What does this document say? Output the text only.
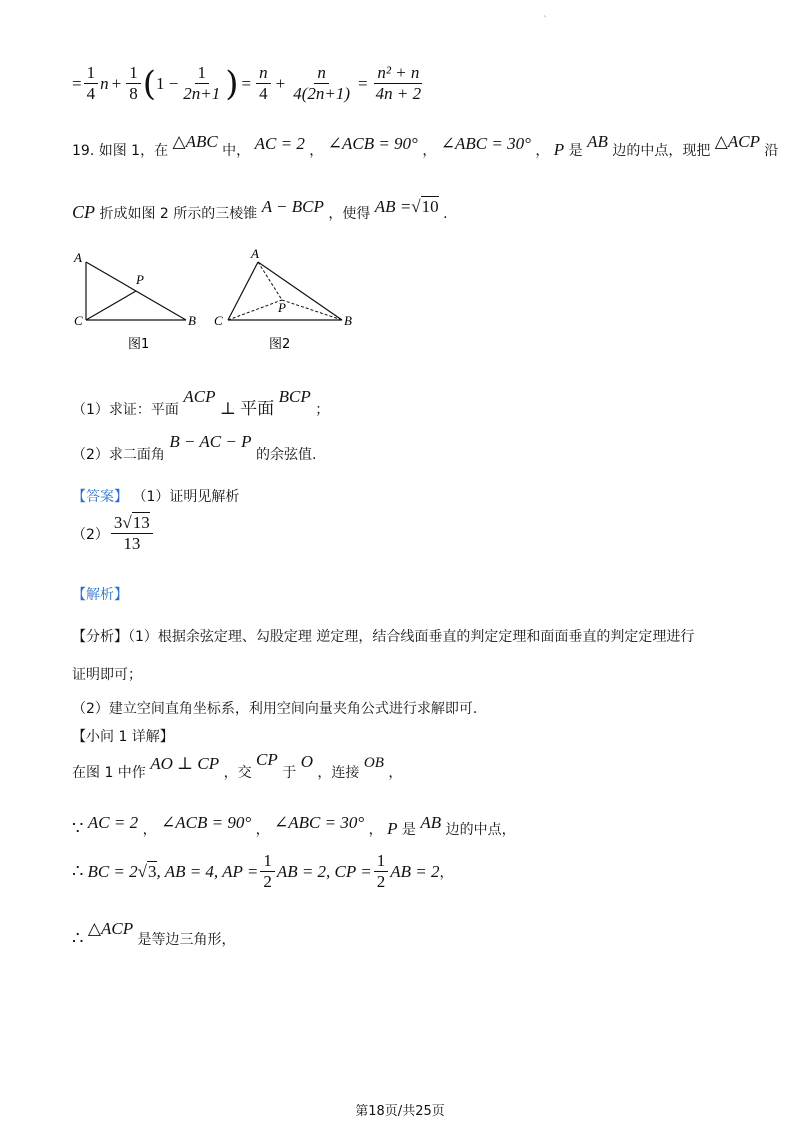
`
= $\frac{1}{4}$ $n + \frac{1}{8}$ ( $1 - \frac{1}{2n+1}$ ) = $\frac{n}{4} + \frac{n}{4(2n+1)} = \frac{\text{n² + n}}{4n + 2}$
19. 如图 1，在 △ABC 中， AC = 2 ， ∠ACB = 90° ， ∠ABC = 30° ， P 是 AB 边的中点，现把 △ACP 沿
CP 折成如图 2 所示的三棱锥 A − BCP ，使得 AB =√10 .
A
C	B
P
图1
A
C	B
P
图2
（1）求证：平面 ACP ⊥ 平面 BCP ；
（2）求二面角 B − AC − P 的余弦值.
【答案】 （1）证明见解析
$(2) \frac{3√13}{13}$
【解析】
【分析】（1）根据余弦定理、勾股定理 逆定理，结合线面垂直的判定定理和面面垂直的判定定理进行
证明即可；
（2）建立空间直角坐标系，利用空间向量夹角公式进行求解即可.
【小问 1 详解】
在图 1 中作 AO ⊥ CP ，交 CP 于 O ，连接 OB ，
∵ AC = 2 ， ∠ACB = 90° ， ∠ABC = 30° ， P 是 AB 边的中点，
∴ BC = 2 √3 , AB = 4, AP = $\frac{1}{2}$ AB = 2, CP = $\frac{1}{2}$ AB = 2 ，
∴ △ACP 是等边三角形，
第18页/共25页
